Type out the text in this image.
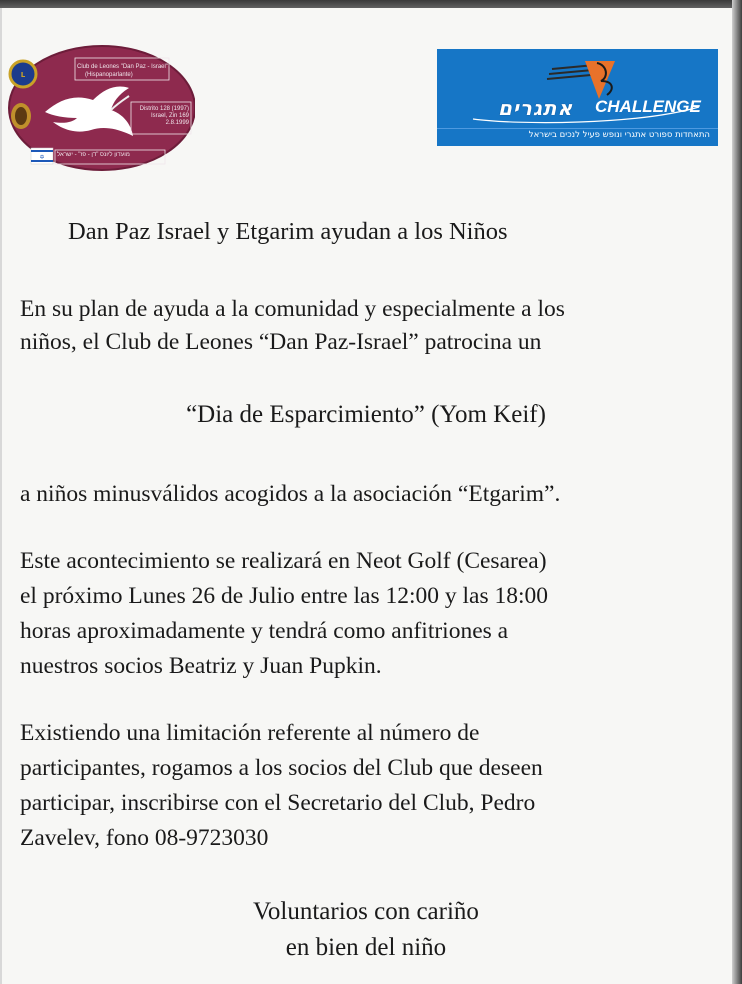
L
✡
Club de Leones "Dan Paz - Israel"
(Hispanoparlante)
Distrito 128 (1997)
Israel, Zin 169
2.8.1999
מועדון ליונס "דן - פז" - ישראל
אתגרים	CHALLENGE
התאחדות ספורט אתגרי ונופש פעיל לנכים בישראל
Dan Paz Israel y Etgarim ayudan a los Niños
En su plan de ayuda a la comunidad y especialmente a los
niños, el Club de Leones “Dan Paz-Israel” patrocina un
“Dia de Esparcimiento” (Yom Keif)
a niños minusválidos acogidos a la asociación “Etgarim”.
Este acontecimiento se realizará en Neot Golf (Cesarea)
el próximo Lunes 26 de Julio entre las 12:00 y las 18:00
horas aproximadamente y tendrá como anfitriones a
nuestros socios Beatriz y Juan Pupkin.
Existiendo una limitación referente al número de
participantes, rogamos a los socios del Club que deseen
participar, inscribirse con el Secretario del Club, Pedro
Zavelev, fono 08-9723030
Voluntarios con cariño
en bien del niño
